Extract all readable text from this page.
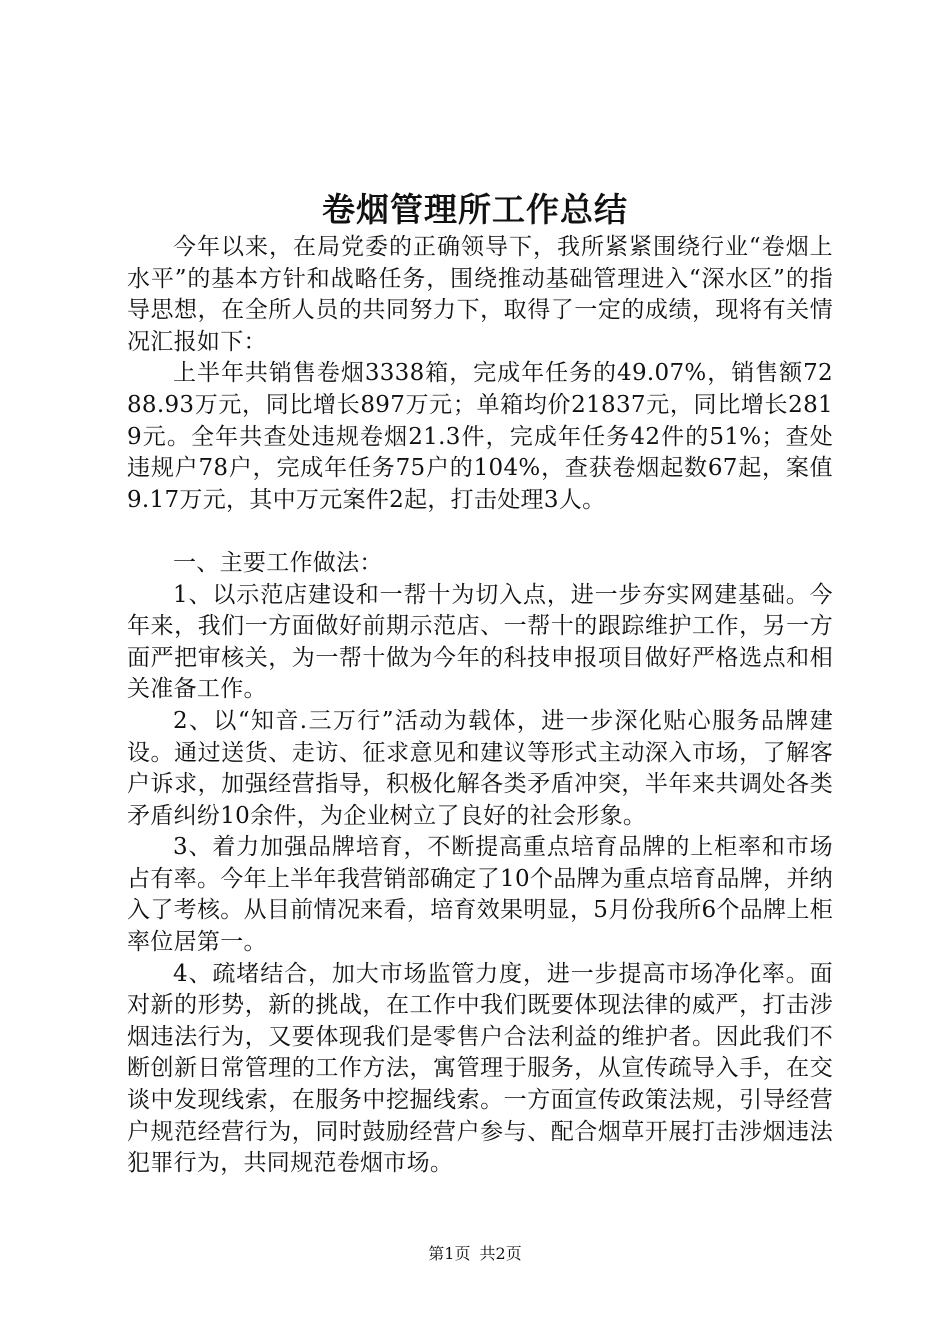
卷烟管理所工作总结

今年以来，在局党委的正确领导下，我所紧紧围绕行业“卷烟上水平”的基本方针和战略任务，围绕推动基础管理进入“深水区”的指导思想，在全所人员的共同努力下，取得了一定的成绩，现将有关情况汇报如下：

上半年共销售卷烟3338箱，完成年任务的49.07%，销售额7288.93万元，同比增长897万元；单箱均价21837元，同比增长2819元。全年共查处违规卷烟21.3件，完成年任务42件的51%；查处违规户78户，完成年任务75户的104%，查获卷烟起数67起，案值9.17万元，其中万元案件2起，打击处理3人。

一、主要工作做法：

1、以示范店建设和一帮十为切入点，进一步夯实网建基础。今年来，我们一方面做好前期示范店、一帮十的跟踪维护工作，另一方面严把审核关，为一帮十做为今年的科技申报项目做好严格选点和相关准备工作。

2、以“知音.三万行”活动为载体，进一步深化贴心服务品牌建设。通过送货、走访、征求意见和建议等形式主动深入市场，了解客户诉求，加强经营指导，积极化解各类矛盾冲突，半年来共调处各类矛盾纠纷10余件，为企业树立了良好的社会形象。

3、着力加强品牌培育，不断提高重点培育品牌的上柜率和市场占有率。今年上半年我营销部确定了10个品牌为重点培育品牌，并纳入了考核。从目前情况来看，培育效果明显，5月份我所6个品牌上柜率位居第一。

4、疏堵结合，加大市场监管力度，进一步提高市场净化率。面对新的形势，新的挑战，在工作中我们既要体现法律的威严，打击涉烟违法行为，又要体现我们是零售户合法利益的维护者。因此我们不断创新日常管理的工作方法，寓管理于服务，从宣传疏导入手，在交谈中发现线索，在服务中挖掘线索。一方面宣传政策法规，引导经营户规范经营行为，同时鼓励经营户参与、配合烟草开展打击涉烟违法犯罪行为，共同规范卷烟市场。

第1页 共2页
